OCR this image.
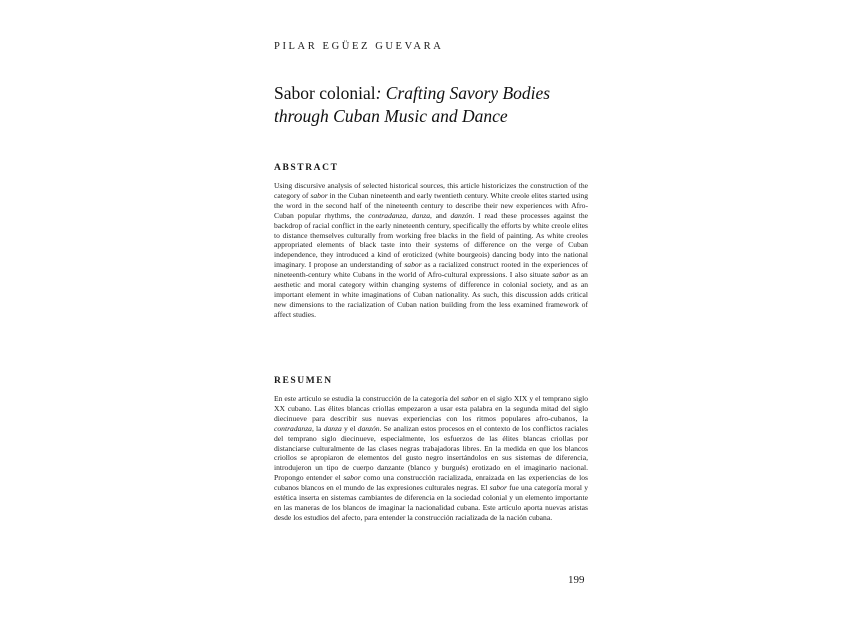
PILAR EGÜEZ GUEVARA
Sabor colonial: Crafting Savory Bodies through Cuban Music and Dance
ABSTRACT
Using discursive analysis of selected historical sources, this article historicizes the construction of the category of sabor in the Cuban nineteenth and early twentieth century. White creole elites started using the word in the second half of the nineteenth century to describe their new experiences with Afro-Cuban popular rhythms, the contradanza, danza, and danzón. I read these processes against the backdrop of racial conflict in the early nineteenth century, specifically the efforts by white creole elites to distance themselves culturally from working free blacks in the field of painting. As white creoles appropriated elements of black taste into their systems of difference on the verge of Cuban independence, they introduced a kind of eroticized (white bourgeois) dancing body into the national imaginary. I propose an understanding of sabor as a racialized construct rooted in the experiences of nineteenth-century white Cubans in the world of Afro-cultural expressions. I also situate sabor as an aesthetic and moral category within changing systems of difference in colonial society, and as an important element in white imaginations of Cuban nationality. As such, this discussion adds critical new dimensions to the racialization of Cuban nation building from the less examined framework of affect studies.
RESUMEN
En este artículo se estudia la construcción de la categoría del sabor en el siglo XIX y el temprano siglo XX cubano. Las élites blancas criollas empezaron a usar esta palabra en la segunda mitad del siglo diecinueve para describir sus nuevas experiencias con los ritmos populares afro-cubanos, la contradanza, la danza y el danzón. Se analizan estos procesos en el contexto de los conflictos raciales del temprano siglo diecinueve, especialmente, los esfuerzos de las élites blancas criollas por distanciarse culturalmente de las clases negras trabajadoras libres. En la medida en que los blancos criollos se apropiaron de elementos del gusto negro insertándolos en sus sistemas de diferencia, introdujeron un tipo de cuerpo danzante (blanco y burgués) erotizado en el imaginario nacional. Propongo entender el sabor como una construcción racializada, enraizada en las experiencias de los cubanos blancos en el mundo de las expresiones culturales negras. El sabor fue una categoría moral y estética inserta en sistemas cambiantes de diferencia en la sociedad colonial y un elemento importante en las maneras de los blancos de imaginar la nacionalidad cubana. Este artículo aporta nuevas aristas desde los estudios del afecto, para entender la construcción racializada de la nación cubana.
199
